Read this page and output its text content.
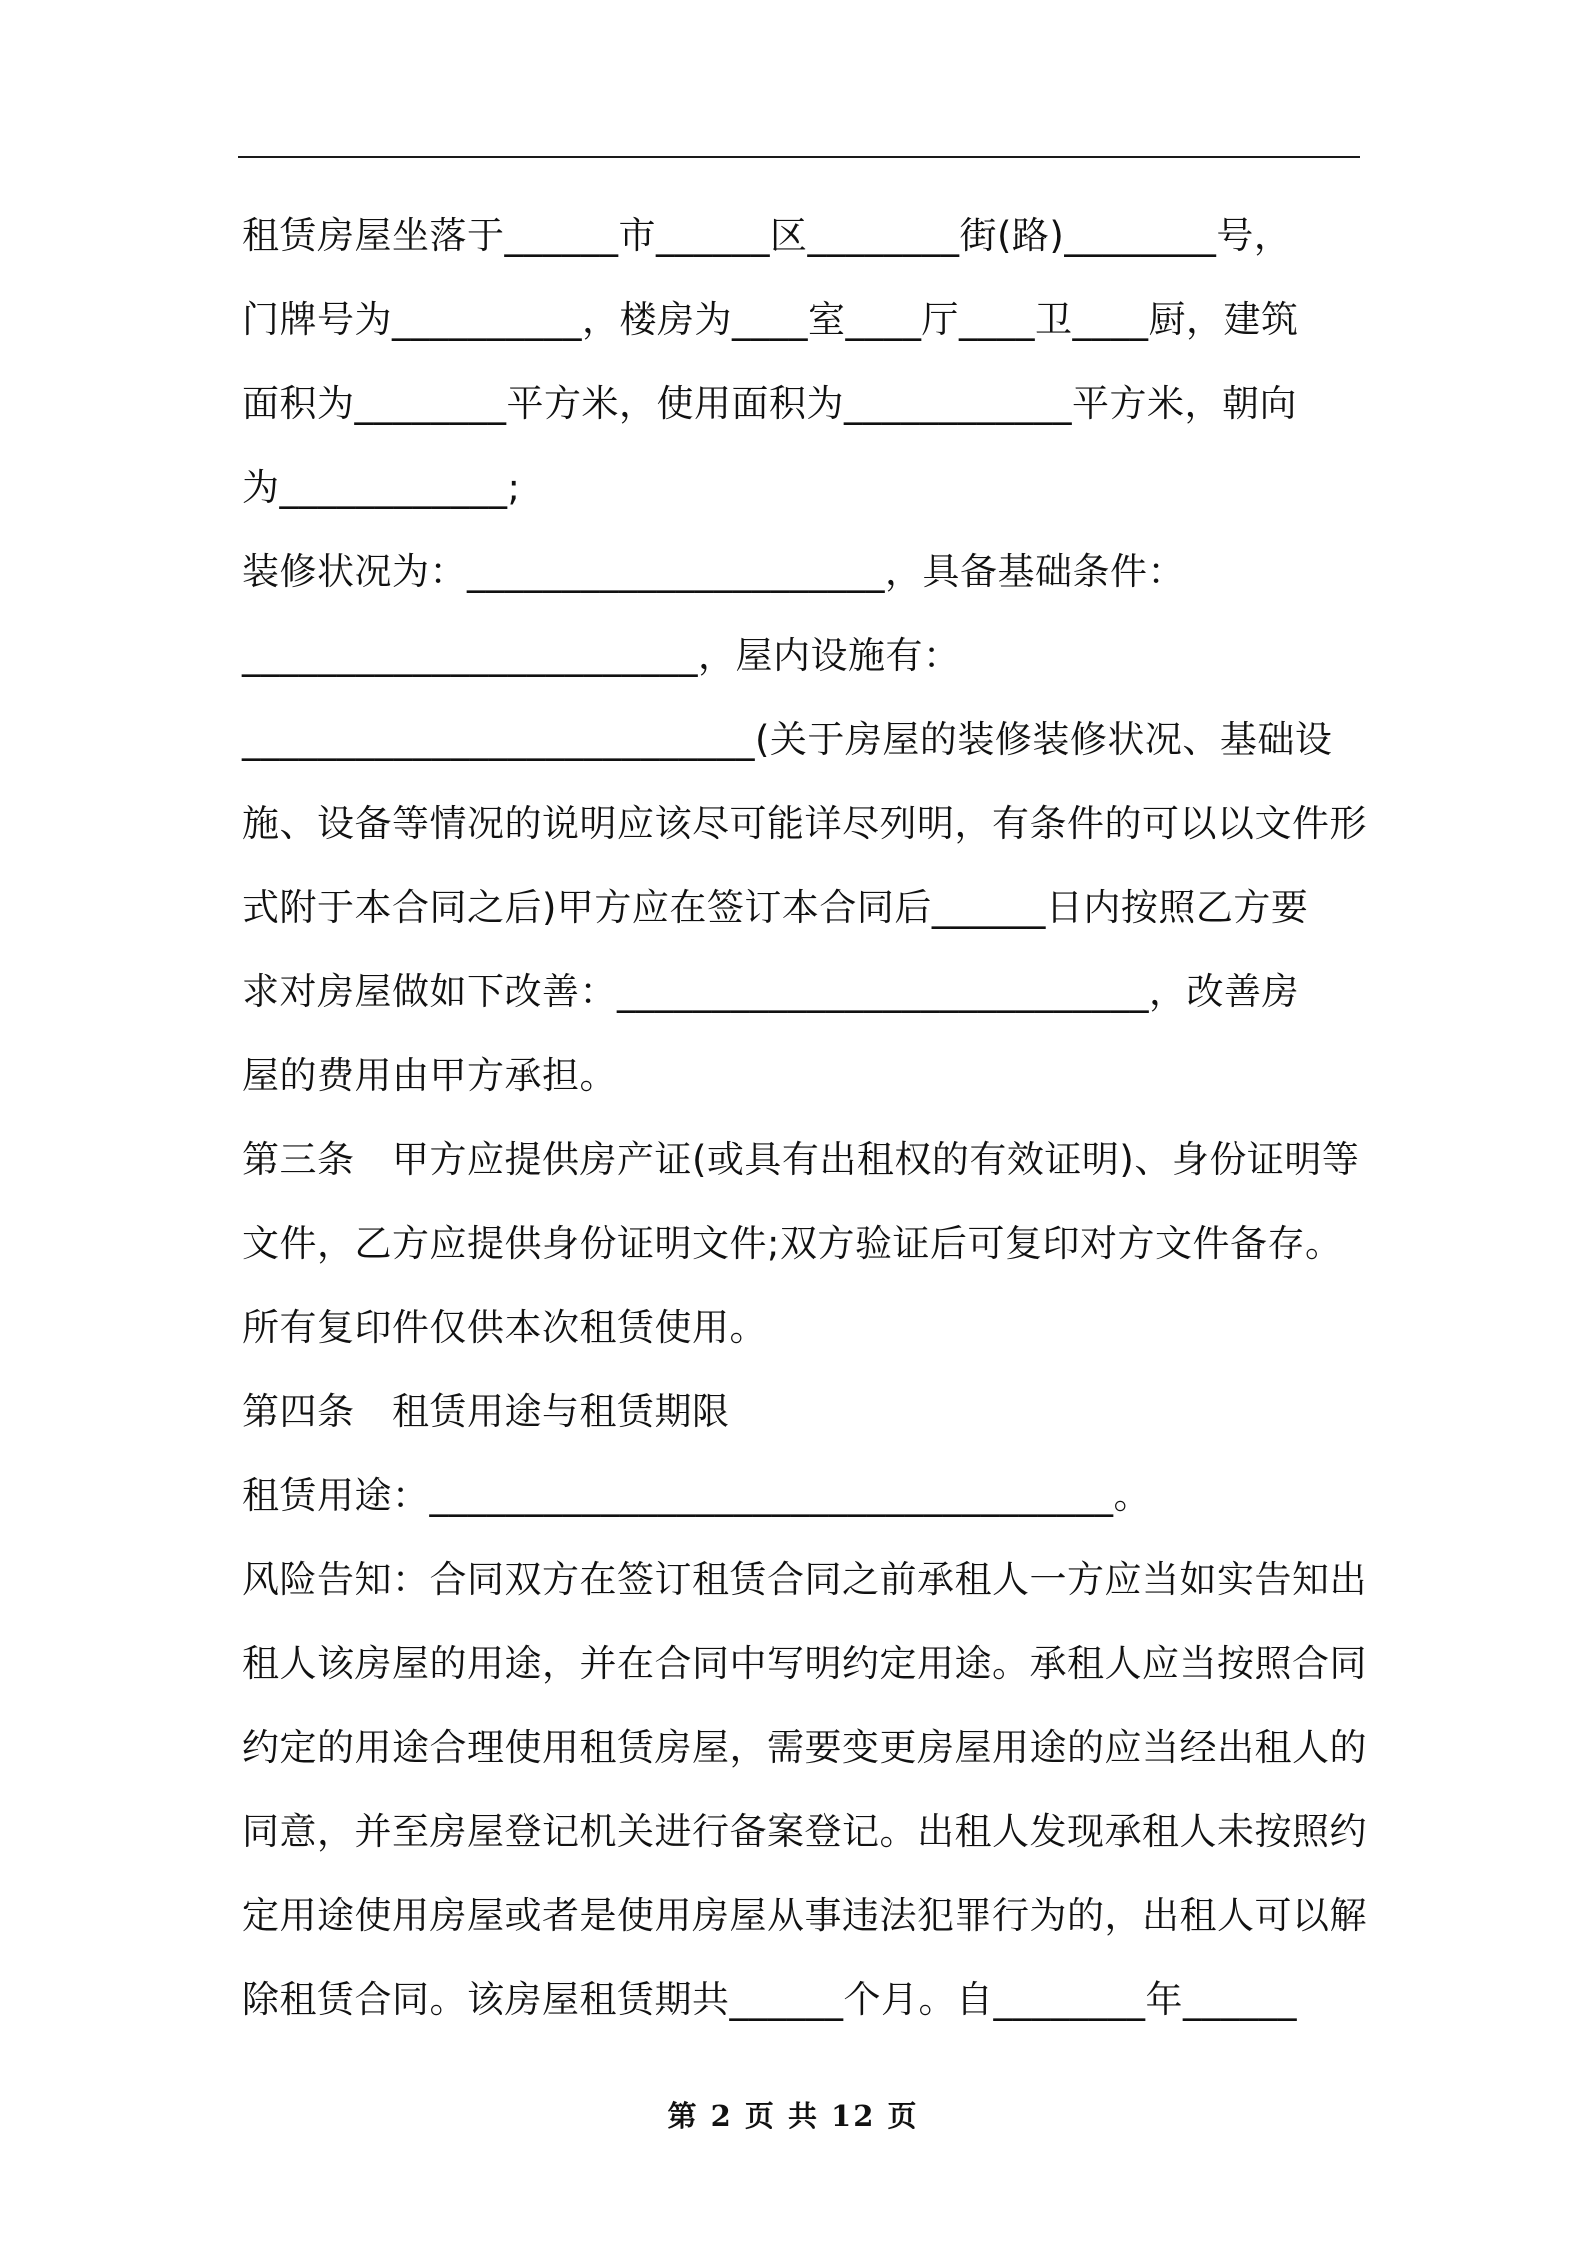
租赁房屋坐落于______市______区________街(路)________号，
门牌号为__________，楼房为____室____厅____卫____厨，建筑
面积为________平方米，使用面积为____________平方米，朝向
为____________;
装修状况为：______________________，具备基础条件：
________________________，屋内设施有：
___________________________(关于房屋的装修装修状况、基础设
施、设备等情况的说明应该尽可能详尽列明，有条件的可以以文件形
式附于本合同之后)甲方应在签订本合同后______日内按照乙方要
求对房屋做如下改善：____________________________，改善房
屋的费用由甲方承担。
第三条　甲方应提供房产证(或具有出租权的有效证明)、身份证明等
文件，乙方应提供身份证明文件;双方验证后可复印对方文件备存。
所有复印件仅供本次租赁使用。
第四条　租赁用途与租赁期限
租赁用途：____________________________________。
风险告知：合同双方在签订租赁合同之前承租人一方应当如实告知出
租人该房屋的用途，并在合同中写明约定用途。承租人应当按照合同
约定的用途合理使用租赁房屋，需要变更房屋用途的应当经出租人的
同意，并至房屋登记机关进行备案登记。出租人发现承租人未按照约
定用途使用房屋或者是使用房屋从事违法犯罪行为的，出租人可以解
除租赁合同。该房屋租赁期共______个月。自________年______
第 2 页 共 12 页
